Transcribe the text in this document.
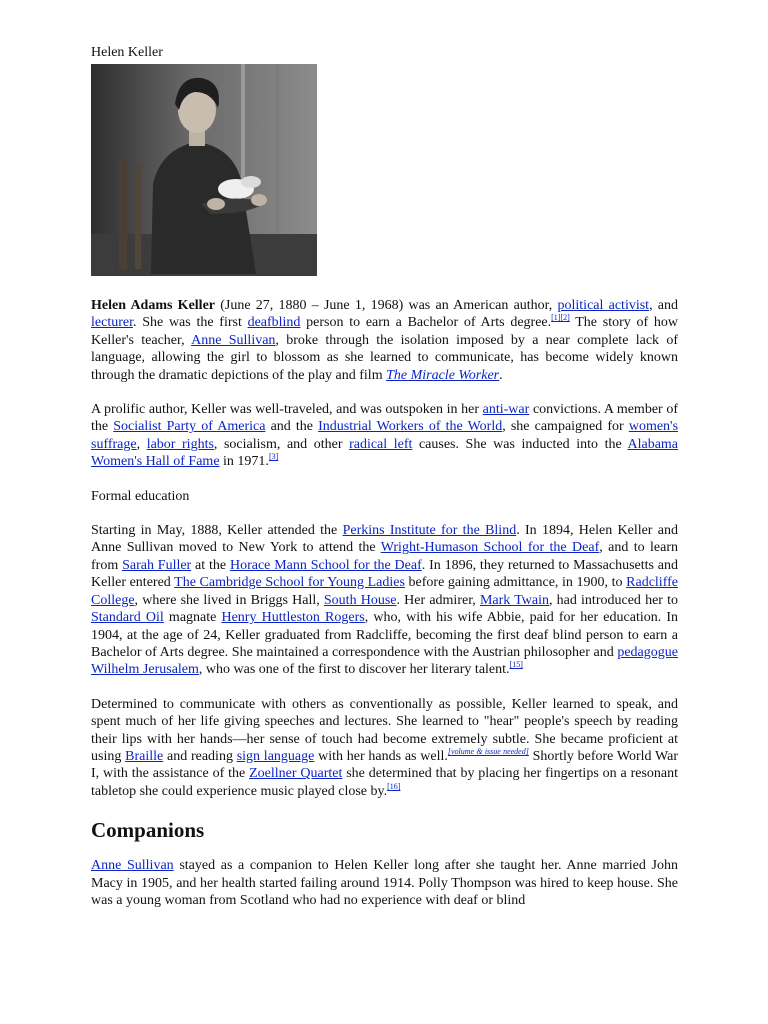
Helen Keller

Helen Adams Keller (June 27, 1880 – June 1, 1968) was an American author, political activist, and lecturer. She was the first deafblind person to earn a Bachelor of Arts degree.[1][2] The story of how Keller's teacher, Anne Sullivan, broke through the isolation imposed by a near complete lack of language, allowing the girl to blossom as she learned to communicate, has become widely known through the dramatic depictions of the play and film The Miracle Worker.

A prolific author, Keller was well-traveled, and was outspoken in her anti-war convictions. A member of the Socialist Party of America and the Industrial Workers of the World, she campaigned for women's suffrage, labor rights, socialism, and other radical left causes. She was inducted into the Alabama Women's Hall of Fame in 1971.[3]

Formal education

Starting in May, 1888, Keller attended the Perkins Institute for the Blind. In 1894, Helen Keller and Anne Sullivan moved to New York to attend the Wright-Humason School for the Deaf, and to learn from Sarah Fuller at the Horace Mann School for the Deaf. In 1896, they returned to Massachusetts and Keller entered The Cambridge School for Young Ladies before gaining admittance, in 1900, to Radcliffe College, where she lived in Briggs Hall, South House. Her admirer, Mark Twain, had introduced her to Standard Oil magnate Henry Huttleston Rogers, who, with his wife Abbie, paid for her education. In 1904, at the age of 24, Keller graduated from Radcliffe, becoming the first deaf blind person to earn a Bachelor of Arts degree. She maintained a correspondence with the Austrian philosopher and pedagogue Wilhelm Jerusalem, who was one of the first to discover her literary talent.[15]

Determined to communicate with others as conventionally as possible, Keller learned to speak, and spent much of her life giving speeches and lectures. She learned to "hear" people's speech by reading their lips with her hands—her sense of touch had become extremely subtle. She became proficient at using Braille and reading sign language with her hands as well.[volume & issue needed] Shortly before World War I, with the assistance of the Zoellner Quartet she determined that by placing her fingertips on a resonant tabletop she could experience music played close by.[16]

Companions

Anne Sullivan stayed as a companion to Helen Keller long after she taught her. Anne married John Macy in 1905, and her health started failing around 1914. Polly Thompson was hired to keep house. She was a young woman from Scotland who had no experience with deaf or blind
